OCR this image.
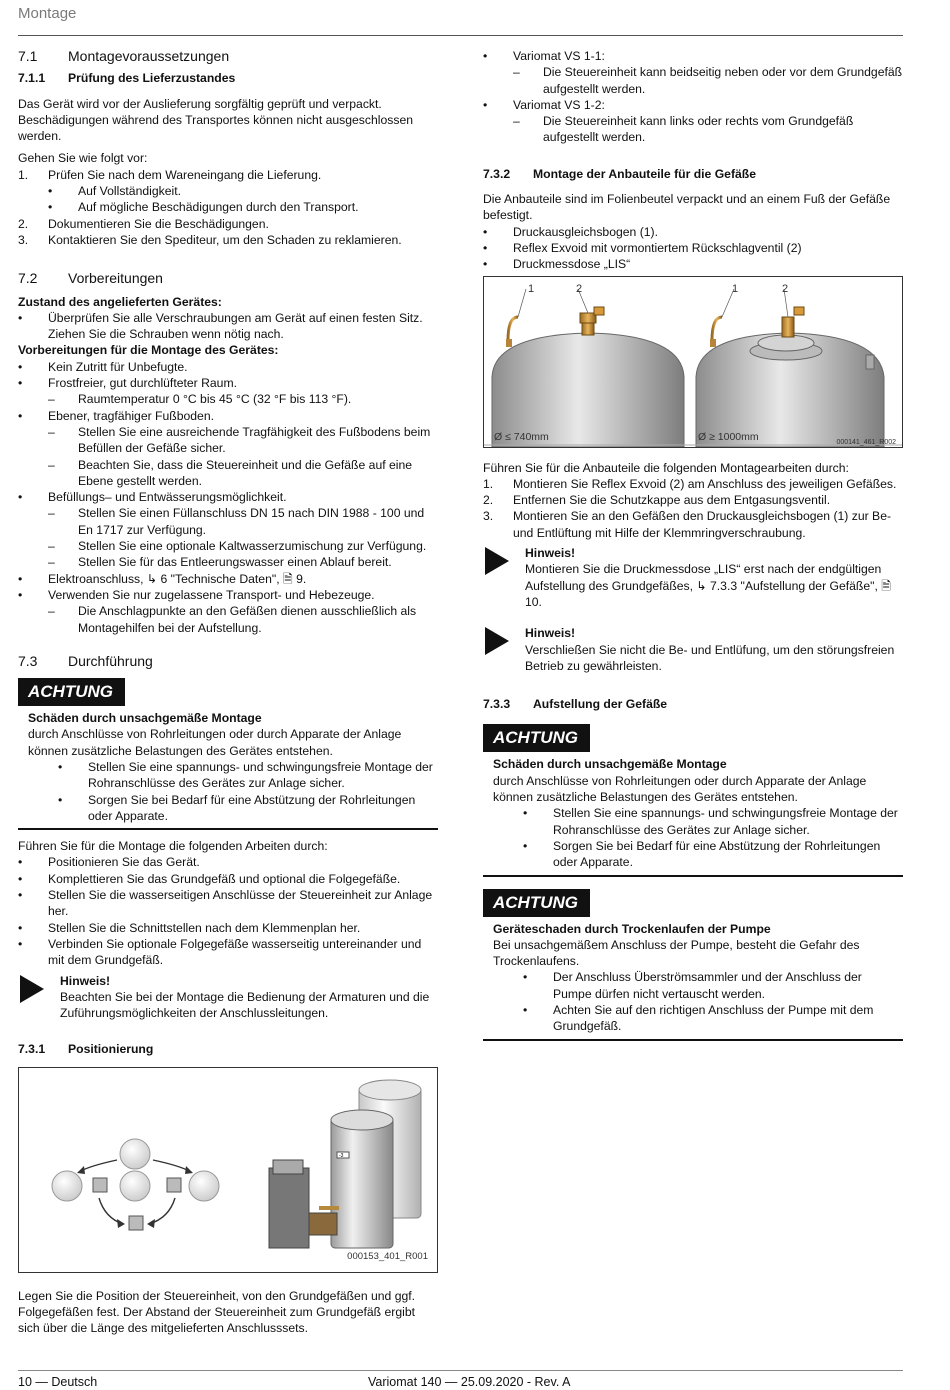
Montage
7.1	Montagevoraussetzungen
7.1.1	Prüfung des Lieferzustandes

Das Gerät wird vor der Auslieferung sorgfältig geprüft und verpackt. Beschädigungen während des Transportes können nicht ausgeschlossen werden.

Gehen Sie wie folgt vor:

1.	Prüfen Sie nach dem Wareneingang die Lieferung.
•	Auf Vollständigkeit.
•	Auf mögliche Beschädigungen durch den Transport.
2.	Dokumentieren Sie die Beschädigungen.
3.	Kontaktieren Sie den Spediteur, um den Schaden zu reklamieren.
7.2	Vorbereitungen

Zustand des angelieferten Gerätes:

•	Überprüfen Sie alle Verschraubungen am Gerät auf einen festen Sitz. Ziehen Sie die Schrauben wenn nötig nach.

Vorbereitungen für die Montage des Gerätes:

•	Kein Zutritt für Unbefugte.
•	Frostfreier, gut durchlüfteter Raum.
–	Raumtemperatur 0 °C bis 45 °C (32 °F bis 113 °F).
•	Ebener, tragfähiger Fußboden.
–	Stellen Sie eine ausreichende Tragfähigkeit des Fußbodens beim Befüllen der Gefäße sicher.
–	Beachten Sie, dass die Steuereinheit und die Gefäße auf eine Ebene gestellt werden.
•	Befüllungs– und Entwässerungsmöglichkeit.
–	Stellen Sie einen Füllanschluss DN 15 nach DIN 1988 - 100 und En 1717 zur Verfügung.
–	Stellen Sie eine optionale Kaltwasserzumischung zur Verfügung.
–	Stellen Sie für das Entleerungswasser einen Ablauf bereit.
•	Elektroanschluss, ↳ 6 "Technische Daten", 🗎 9.
•	Verwenden Sie nur zugelassene Transport- und Hebezeuge.
–	Die Anschlagpunkte an den Gefäßen dienen ausschließlich als Montagehilfen bei der Aufstellung.
7.3	Durchführung
ACHTUNG

Schäden durch unsachgemäße Montage

durch Anschlüsse von Rohrleitungen oder durch Apparate der Anlage können zusätzliche Belastungen des Gerätes entstehen.

•	Stellen Sie eine spannungs- und schwingungsfreie Montage der Rohranschlüsse des Gerätes zur Anlage sicher.
•	Sorgen Sie bei Bedarf für eine Abstützung der Rohrleitungen oder Apparate.

Führen Sie für die Montage die folgenden Arbeiten durch:

•	Positionieren Sie das Gerät.
•	Komplettieren Sie das Grundgefäß und optional die Folgegefäße.
•	Stellen Sie die wasserseitigen Anschlüsse der Steuereinheit zur Anlage her.
•	Stellen Sie die Schnittstellen nach dem Klemmenplan her.
•	Verbinden Sie optionale Folgegefäße wasserseitig untereinander und mit dem Grundgefäß.

Hinweis!

Beachten Sie bei der Montage die Bedienung der Armaturen und die Zuführungsmöglichkeiten der Anschlussleitungen.

7.3.1	Positionierung
-3
000153_401_R001

Legen Sie die Position der Steuereinheit, von den Grundgefäßen und ggf. Folgegefäßen fest. Der Abstand der Steuereinheit zum Grundgefäß ergibt sich über die Länge des mitgelieferten Anschlusssets.

•	Variomat VS 1-1:
–	Die Steuereinheit kann beidseitig neben oder vor dem Grundgefäß aufgestellt werden.
•	Variomat VS 1-2:
–	Die Steuereinheit kann links oder rechts vom Grundgefäß aufgestellt werden.
7.3.2	Montage der Anbauteile für die Gefäße

Die Anbauteile sind im Folienbeutel verpackt und an einem Fuß der Gefäße befestigt.

•	Druckausgleichsbogen (1).
•	Reflex Exvoid mit vormontiertem Rückschlagventil (2)
•	Druckmessdose „LIS“
1	2	1	2
Ø ≤ 740mm	Ø ≥ 1000mm	000141_461_R002

Führen Sie für die Anbauteile die folgenden Montagearbeiten durch:

1.	Montieren Sie Reflex Exvoid (2) am Anschluss des jeweiligen Gefäßes.
2.	Entfernen Sie die Schutzkappe aus dem Entgasungsventil.
3.	Montieren Sie an den Gefäßen den Druckausgleichsbogen (1) zur Be- und Entlüftung mit Hilfe der Klemmringverschraubung.

Hinweis!

Montieren Sie die Druckmessdose „LIS“ erst nach der endgültigen Aufstellung des Grundgefäßes, ↳ 7.3.3 "Aufstellung der Gefäße", 🗎 10.

Hinweis!

Verschließen Sie nicht die Be- und Entlüfung, um den störungsfreien Betrieb zu gewährleisten.

7.3.3	Aufstellung der Gefäße
ACHTUNG

Schäden durch unsachgemäße Montage

durch Anschlüsse von Rohrleitungen oder durch Apparate der Anlage können zusätzliche Belastungen des Gerätes entstehen.

•	Stellen Sie eine spannungs- und schwingungsfreie Montage der Rohranschlüsse des Gerätes zur Anlage sicher.
•	Sorgen Sie bei Bedarf für eine Abstützung der Rohrleitungen oder Apparate.
ACHTUNG

Geräteschaden durch Trockenlaufen der Pumpe

Bei unsachgemäßem Anschluss der Pumpe, besteht die Gefahr des Trockenlaufens.

•	Der Anschluss Überströmsammler und der Anschluss der Pumpe dürfen nicht vertauscht werden.
•	Achten Sie auf den richtigen Anschluss der Pumpe mit dem Grundgefäß.
10 — Deutsch	Variomat 140 — 25.09.2020 - Rev. A
